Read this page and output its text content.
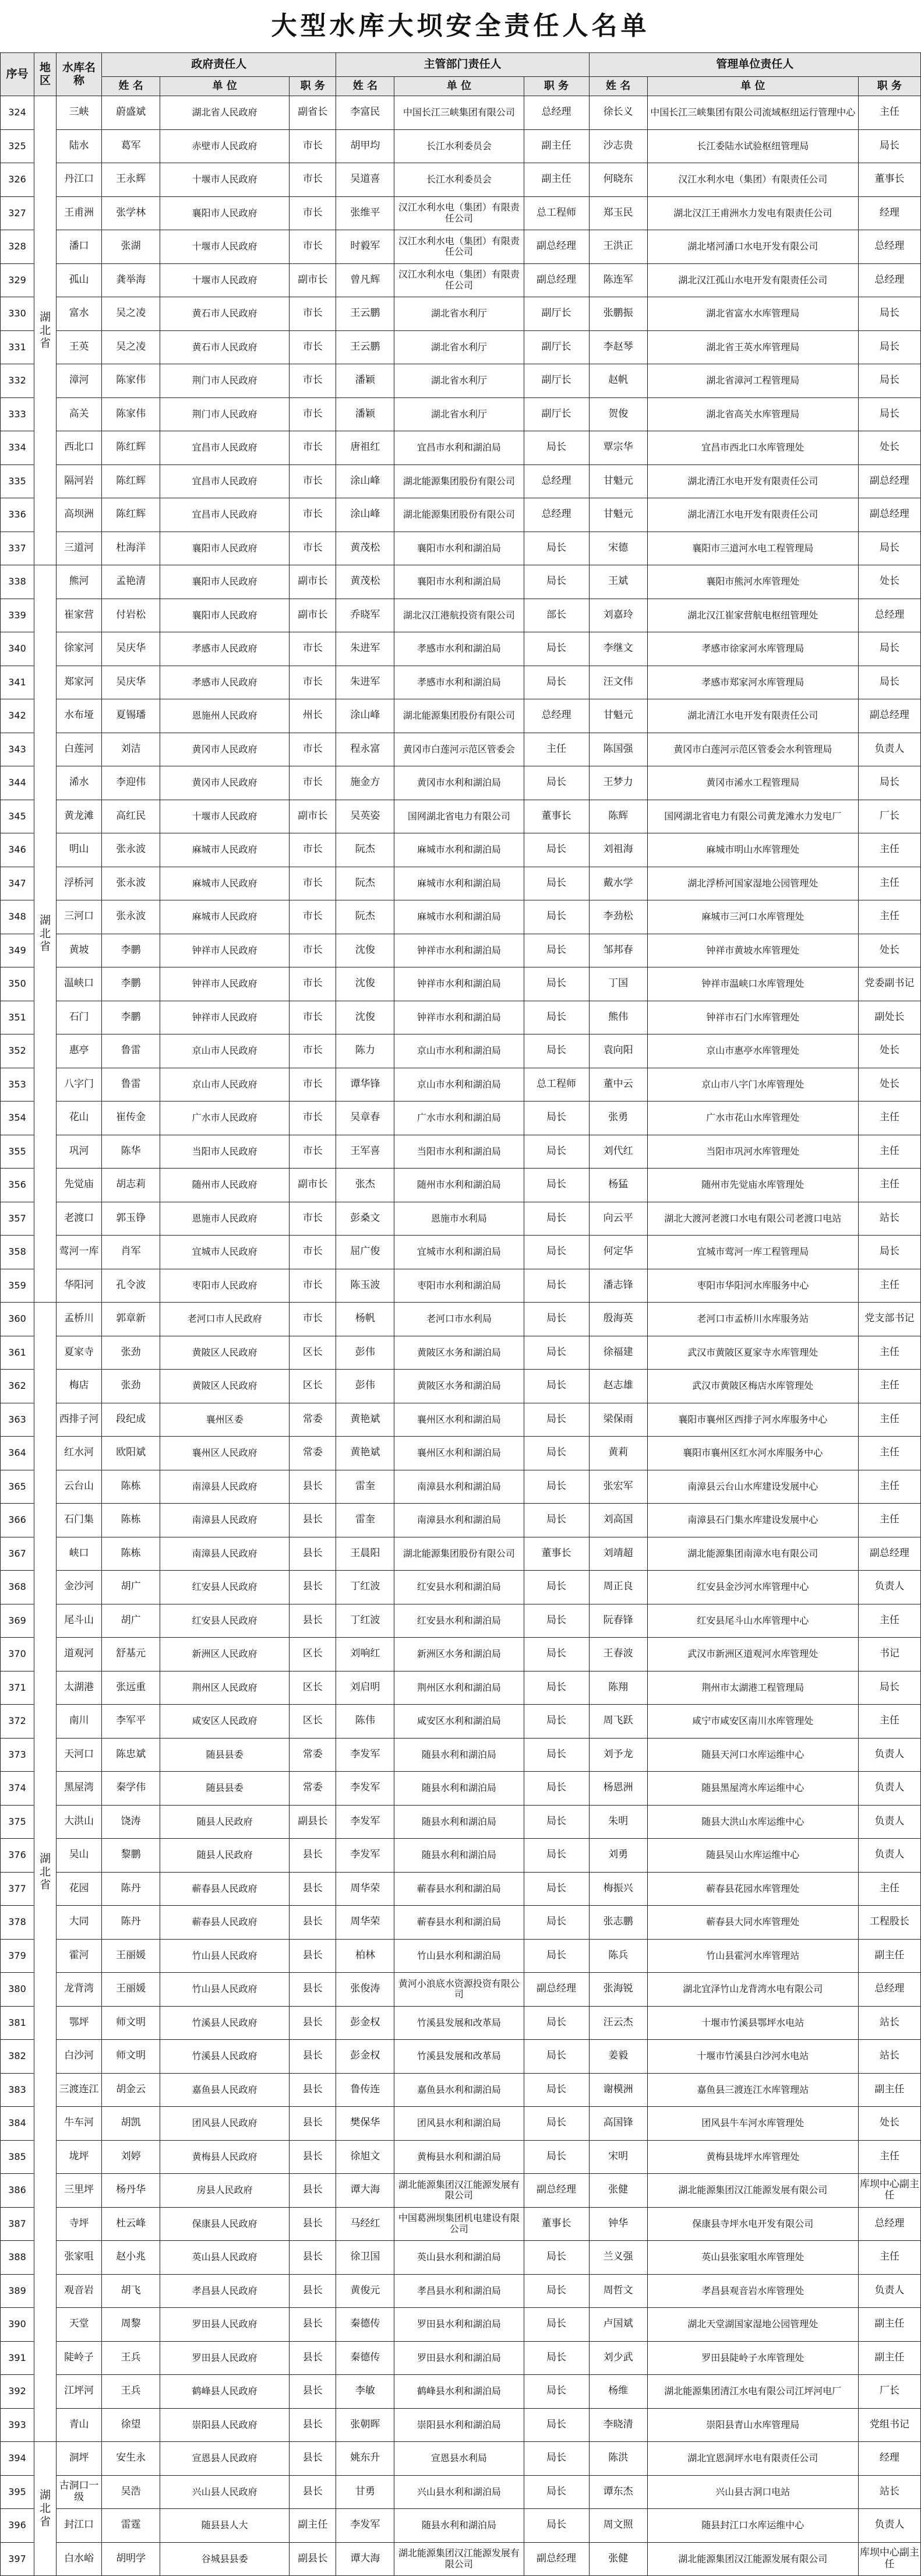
大型水库大坝安全责任人名单
序号	地区	水库名称	政府责任人			主管部门责任人			管理单位责任人		
			姓 名	单 位	职 务	姓 名	单 位	职 务	姓 名	单 位	职 务
324	湖北省	三峡	蔚盛斌	湖北省人民政府	副省长	李富民	中国长江三峡集团有限公司	总经理	徐长义	中国长江三峡集团有限公司流域枢纽运行管理中心	主任
325		陆水	葛军	赤壁市人民政府	市长	胡甲均	长江水利委员会	副主任	沙志贵	长江委陆水试验枢纽管理局	局长
326		丹江口	王永辉	十堰市人民政府	市长	吴道喜	长江水利委员会	副主任	何晓东	汉江水利水电（集团）有限责任公司	董事长
327		王甫洲	张学林	襄阳市人民政府	市长	张维平	汉江水利水电（集团）有限责任公司	总工程师	郑玉民	湖北汉江王甫洲水力发电有限责任公司	经理
328		潘口	张湖	十堰市人民政府	市长	时毅军	汉江水利水电（集团）有限责任公司	副总经理	王洪正	湖北堵河潘口水电开发有限公司	总经理
329		孤山	龚举海	十堰市人民政府	副市长	曾凡辉	汉江水利水电（集团）有限责任公司	副总经理	陈连军	湖北汉江孤山水电开发有限责任公司	总经理
330		富水	吴之凌	黄石市人民政府	市长	王云鹏	湖北省水利厅	副厅长	张鹏振	湖北省富水水库管理局	局长
331		王英	吴之凌	黄石市人民政府	市长	王云鹏	湖北省水利厅	副厅长	李赵琴	湖北省王英水库管理局	局长
332		漳河	陈家伟	荆门市人民政府	市长	潘颖	湖北省水利厅	副厅长	赵帆	湖北省漳河工程管理局	局长
333		高关	陈家伟	荆门市人民政府	市长	潘颖	湖北省水利厅	副厅长	贺俊	湖北省高关水库管理局	局长
334		西北口	陈红辉	宜昌市人民政府	市长	唐祖红	宜昌市水利和湖泊局	局长	覃宗华	宜昌市西北口水库管理处	处长
335		隔河岩	陈红辉	宜昌市人民政府	市长	涂山峰	湖北能源集团股份有限公司	总经理	甘魁元	湖北清江水电开发有限责任公司	副总经理
336		高坝洲	陈红辉	宜昌市人民政府	市长	涂山峰	湖北能源集团股份有限公司	总经理	甘魁元	湖北清江水电开发有限责任公司	副总经理
337		三道河	杜海洋	襄阳市人民政府	市长	黄茂松	襄阳市水利和湖泊局	局长	宋德	襄阳市三道河水电工程管理局	局长
338	湖北省	熊河	孟艳清	襄阳市人民政府	副市长	黄茂松	襄阳市水利和湖泊局	局长	王斌	襄阳市熊河水库管理处	处长
339		崔家营	付岩松	襄阳市人民政府	副市长	乔晓军	湖北汉江港航投资有限公司	部长	刘嘉玲	湖北汉江崔家营航电枢纽管理处	总经理
340		徐家河	吴庆华	孝感市人民政府	市长	朱进军	孝感市水利和湖泊局	局长	李继文	孝感市徐家河水库管理局	局长
341		郑家河	吴庆华	孝感市人民政府	市长	朱进军	孝感市水利和湖泊局	局长	汪文伟	孝感市郑家河水库管理局	局长
342		水布垭	夏锡璠	恩施州人民政府	州长	涂山峰	湖北能源集团股份有限公司	总经理	甘魁元	湖北清江水电开发有限责任公司	副总经理
343		白莲河	刘洁	黄冈市人民政府	市长	程永富	黄冈市白莲河示范区管委会	主任	陈国强	黄冈市白莲河示范区管委会水利管理局	负责人
344		浠水	李迎伟	黄冈市人民政府	市长	施金方	黄冈市水利和湖泊局	局长	王梦力	黄冈市浠水工程管理局	局长
345		黄龙滩	高红民	十堰市人民政府	副市长	吴英姿	国网湖北省电力有限公司	董事长	陈辉	国网湖北省电力有限公司黄龙滩水力发电厂	厂长
346		明山	张永波	麻城市人民政府	市长	阮杰	麻城市水利和湖泊局	局长	刘祖海	麻城市明山水库管理处	主任
347		浮桥河	张永波	麻城市人民政府	市长	阮杰	麻城市水利和湖泊局	局长	戴水学	湖北浮桥河国家湿地公园管理处	主任
348		三河口	张永波	麻城市人民政府	市长	阮杰	麻城市水利和湖泊局	局长	李劲松	麻城市三河口水库管理处	主任
349		黄坡	李鹏	钟祥市人民政府	市长	沈俊	钟祥市水利和湖泊局	局长	邹邦春	钟祥市黄坡水库管理处	处长
350		温峡口	李鹏	钟祥市人民政府	市长	沈俊	钟祥市水利和湖泊局	局长	丁国	钟祥市温峡口水库管理处	党委副书记
351		石门	李鹏	钟祥市人民政府	市长	沈俊	钟祥市水利和湖泊局	局长	熊伟	钟祥市石门水库管理处	副处长
352		惠亭	鲁雷	京山市人民政府	市长	陈力	京山市水利和湖泊局	局长	袁向阳	京山市惠亭水库管理处	处长
353		八字门	鲁雷	京山市人民政府	市长	谭华锋	京山市水利和湖泊局	总工程师	董中云	京山市八字门水库管理处	处长
354		花山	崔传金	广水市人民政府	市长	吴章春	广水市水利和湖泊局	局长	张勇	广水市花山水库管理处	主任
355		巩河	陈华	当阳市人民政府	市长	王军喜	当阳市水利和湖泊局	局长	刘代红	当阳市巩河水库管理处	主任
356		先觉庙	胡志莉	随州市人民政府	副市长	张杰	随州市水利和湖泊局	局长	杨猛	随州市先觉庙水库管理处	主任
357		老渡口	郭玉铮	恩施市人民政府	市长	彭桑文	恩施市水利局	局长	向云平	湖北大渡河老渡口水电有限公司老渡口电站	站长
358		莺河一库	肖军	宜城市人民政府	市长	屈广俊	宜城市水利和湖泊局	局长	何定华	宜城市莺河一库工程管理局	局长
359		华阳河	孔令波	枣阳市人民政府	市长	陈玉波	枣阳市水利和湖泊局	局长	潘志锋	枣阳市华阳河水库服务中心	主任
360	湖北省	孟桥川	郭章新	老河口市人民政府	市长	杨帆	老河口市水利局	局长	殷海英	老河口市孟桥川水库服务站	党支部书记
361		夏家寺	张劲	黄陂区人民政府	区长	彭伟	黄陂区水务和湖泊局	局长	徐福建	武汉市黄陂区夏家寺水库管理处	主任
362		梅店	张劲	黄陂区人民政府	区长	彭伟	黄陂区水务和湖泊局	局长	赵志雄	武汉市黄陂区梅店水库管理处	主任
363		西排子河	段纪成	襄州区委	常委	黄艳斌	襄州区水利和湖泊局	局长	梁保雨	襄阳市襄州区西排子河水库服务中心	主任
364		红水河	欧阳斌	襄州区人民政府	常委	黄艳斌	襄州区水利和湖泊局	局长	黄莉	襄阳市襄州区红水河水库服务中心	主任
365		云台山	陈栋	南漳县人民政府	县长	雷奎	南漳县水利和湖泊局	局长	张宏军	南漳县云台山水库建设发展中心	主任
366		石门集	陈栋	南漳县人民政府	县长	雷奎	南漳县水利和湖泊局	局长	刘高国	南漳县石门集水库建设发展中心	主任
367		峡口	陈栋	南漳县人民政府	县长	王晨阳	湖北能源集团股份有限公司	董事长	刘靖超	湖北能源集团南漳水电有限公司	副总经理
368		金沙河	胡广	红安县人民政府	县长	丁红波	红安县水利和湖泊局	局长	周正良	红安县金沙河水库管理中心	负责人
369		尾斗山	胡广	红安县人民政府	县长	丁红波	红安县水利和湖泊局	局长	阮春锋	红安县尾斗山水库管理中心	主任
370		道观河	舒基元	新洲区人民政府	区长	刘响红	新洲区水务和湖泊局	局长	王春波	武汉市新洲区道观河水库管理处	书记
371		太湖港	张远重	荆州区人民政府	区长	刘启明	荆州区水利和湖泊局	局长	陈翔	荆州市太湖港工程管理局	局长
372		南川	李军平	咸安区人民政府	区长	陈伟	咸安区水利和湖泊局	局长	周飞跃	咸宁市咸安区南川水库管理处	主任
373		天河口	陈忠斌	随县县委	常委	李发军	随县水利和湖泊局	局长	刘予龙	随县天河口水库运维中心	负责人
374		黑屋湾	秦学伟	随县县委	常委	李发军	随县水利和湖泊局	局长	杨恩洲	随县黑屋湾水库运维中心	负责人
375		大洪山	饶涛	随县人民政府	副县长	李发军	随县水利和湖泊局	局长	朱明	随县大洪山水库运维中心	负责人
376		吴山	黎鹏	随县人民政府	县长	李发军	随县水利和湖泊局	局长	刘勇	随县吴山水库运维中心	负责人
377		花园	陈丹	蕲春县人民政府	县长	周华荣	蕲春县水利和湖泊局	局长	梅振兴	蕲春县花园水库管理处	主任
378		大同	陈丹	蕲春县人民政府	县长	周华荣	蕲春县水利和湖泊局	局长	张志鹏	蕲春县大同水库管理处	工程股长
379		霍河	王丽媛	竹山县人民政府	县长	柏林	竹山县水利和湖泊局	局长	陈兵	竹山县霍河水库管理站	副主任
380		龙背湾	王丽媛	竹山县人民政府	县长	张俊涛	黄河小浪底水资源投资有限公司	副总经理	张海锐	湖北宜泽竹山龙背湾水电有限公司	总经理
381		鄂坪	师文明	竹溪县人民政府	县长	彭金权	竹溪县发展和改革局	局长	汪云杰	十堰市竹溪县鄂坪水电站	站长
382		白沙河	师文明	竹溪县人民政府	县长	彭金权	竹溪县发展和改革局	局长	姜毅	十堰市竹溪县白沙河水电站	站长
383		三渡连江	胡金云	嘉鱼县人民政府	县长	鲁传连	嘉鱼县水利和湖泊局	局长	谢模洲	嘉鱼县三渡连江水库管理站	副主任
384		牛车河	胡凯	团风县人民政府	县长	樊保华	团风县水利和湖泊局	局长	高国锋	团风县牛车河水库管理处	处长
385		垅坪	刘婷	黄梅县人民政府	县长	徐旭文	黄梅县水利和湖泊局	局长	宋明	黄梅县垅坪水库管理处	主任
386		三里坪	杨丹华	房县人民政府	县长	谭大海	湖北能源集团汉江能源发展有限公司	副总经理	张健	湖北能源集团汉江能源发展有限公司	库坝中心副主任
387		寺坪	杜云峰	保康县人民政府	县长	马经红	中国葛洲坝集团机电建设有限公司	董事长	钟华	保康县寺坪水电开发有限公司	总经理
388		张家咀	赵小兆	英山县人民政府	县长	徐卫国	英山县水利和湖泊局	局长	兰义强	英山县张家咀水库管理处	主任
389		观音岩	胡飞	孝昌县人民政府	县长	黄俊元	孝昌县水利和湖泊局	局长	周哲文	孝昌县观音岩水库管理处	负责人
390		天堂	周黎	罗田县人民政府	县长	秦德传	罗田县水利和湖泊局	局长	卢国斌	湖北天堂湖国家湿地公园管理处	副主任
391		陡岭子	王兵	罗田县人民政府	县长	秦德传	罗田县水利和湖泊局	局长	刘少武	罗田县陡岭子水库管理处	副主任
392		江坪河	王兵	鹤峰县人民政府	县长	李敏	鹤峰县水利和湖泊局	局长	杨维	湖北能源集团清江水电有限公司江坪河电厂	厂长
393		青山	徐望	崇阳县人民政府	县长	张朝晖	崇阳县水利和湖泊局	局长	李晓清	崇阳县青山水库管理局	党组书记
394	湖北省	洞坪	安生永	宣恩县人民政府	县长	姚东升	宣恩县水利局	局长	陈洪	湖北宜恩洞坪水电有限责任公司	经理
395		古洞口一级	吴浩	兴山县人民政府	县长	甘勇	兴山县水利和湖泊局	局长	谭东杰	兴山县古洞口电站	站长
396		封江口	雷霆	随县县人大	副主任	李发军	随县水利和湖泊局	局长	周文照	随县封江口水库运维中心	负责人
397		白水峪	胡明学	谷城县县委	副县长	谭大海	湖北能源集团汉江能源发展有限公司	副总经理	张健	湖北能源集团汉江能源发展有限公司	库坝中心副主任
